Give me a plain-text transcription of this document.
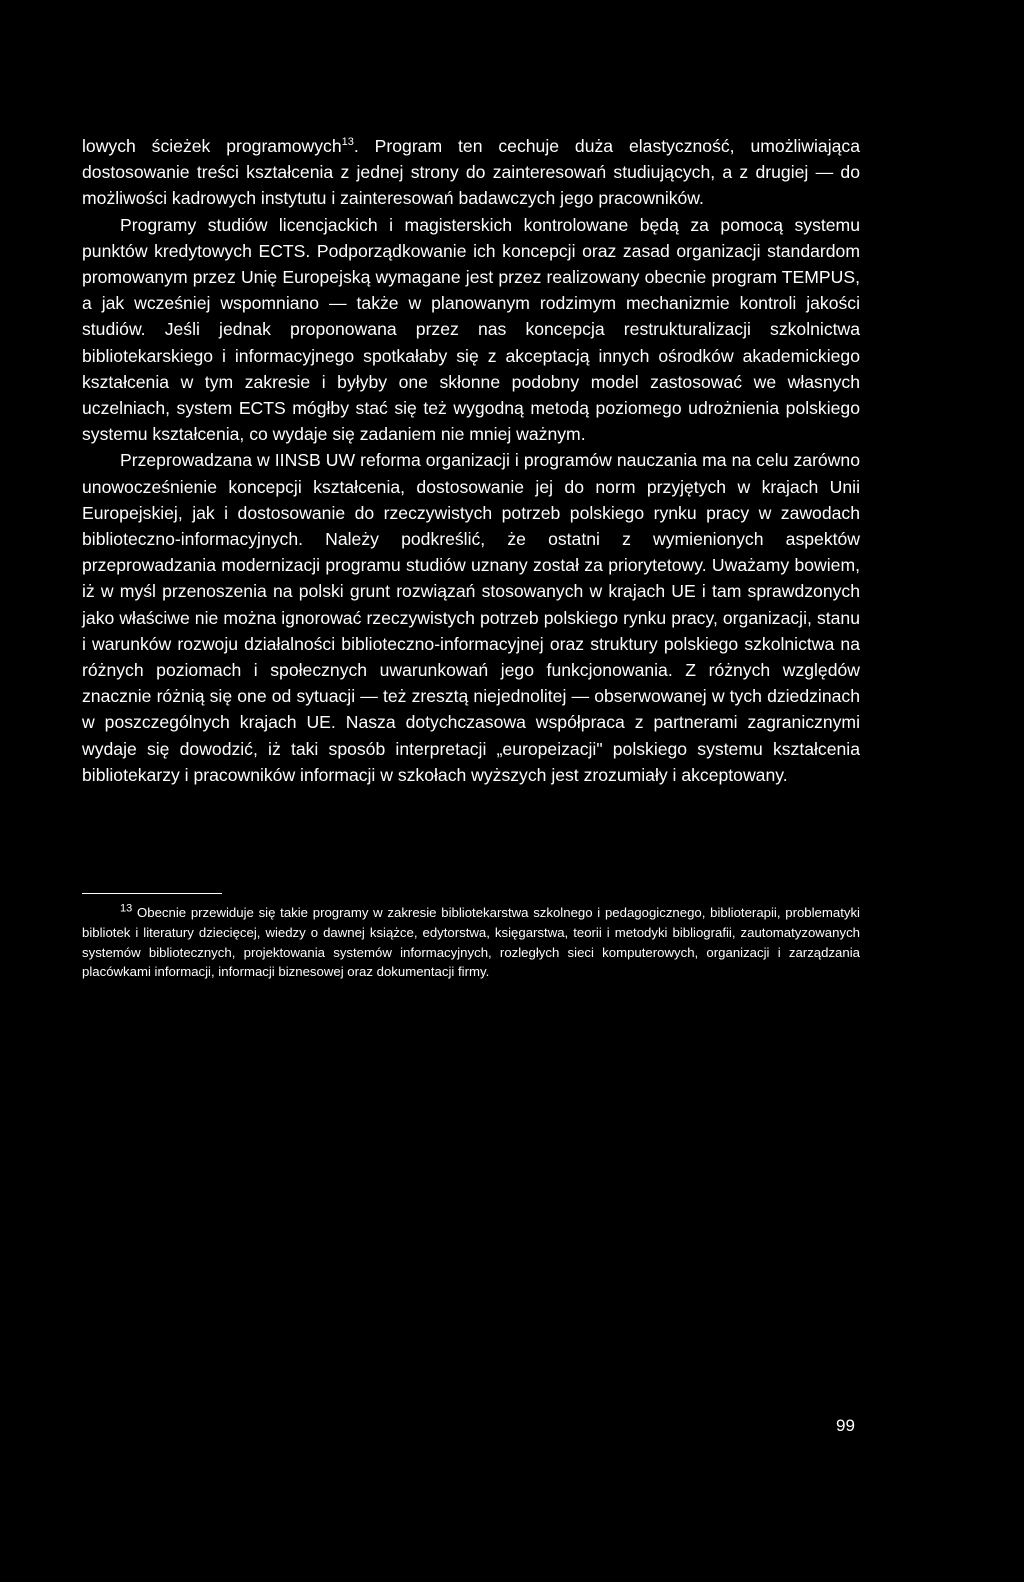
lowych ścieżek programowych$^{13}$. Program ten cechuje duża elastyczność, umożliwiająca dostosowanie treści kształcenia z jednej strony do zainteresowań studiujących, a z drugiej — do możliwości kadrowych instytutu i zainteresowań badawczych jego pracowników.

Programy studiów licencjackich i magisterskich kontrolowane będą za pomocą systemu punktów kredytowych ECTS. Podporządkowanie ich koncepcji oraz zasad organizacji standardom promowanym przez Unię Europejską wymagane jest przez realizowany obecnie program TEMPUS, a jak wcześniej wspomniano — także w planowanym rodzimym mechanizmie kontroli jakości studiów. Jeśli jednak proponowana przez nas koncepcja restrukturalizacji szkolnictwa bibliotekarskiego i informacyjnego spotkałaby się z akceptacją innych ośrodków akademickiego kształcenia w tym zakresie i byłyby one skłonne podobny model zastosować we własnych uczelniach, system ECTS mógłby stać się też wygodną metodą poziomego udrożnienia polskiego systemu kształcenia, co wydaje się zadaniem nie mniej ważnym.

Przeprowadzana w IINSB UW reforma organizacji i programów nauczania ma na celu zarówno unowocześnienie koncepcji kształcenia, dostosowanie jej do norm przyjętych w krajach Unii Europejskiej, jak i dostosowanie do rzeczywistych potrzeb polskiego rynku pracy w zawodach biblioteczno-informacyjnych. Należy podkreślić, że ostatni z wymienionych aspektów przeprowadzania modernizacji programu studiów uznany został za priorytetowy. Uważamy bowiem, iż w myśl przenoszenia na polski grunt rozwiązań stosowanych w krajach UE i tam sprawdzonych jako właściwe nie można ignorować rzeczywistych potrzeb polskiego rynku pracy, organizacji, stanu i warunków rozwoju działalności biblioteczno-informacyjnej oraz struktury polskiego szkolnictwa na różnych poziomach i społecznych uwarunkowań jego funkcjonowania. Z różnych względów znacznie różnią się one od sytuacji — też zresztą niejednolitej — obserwowanej w tych dziedzinach w poszczególnych krajach UE. Nasza dotychczasowa współpraca z partnerami zagranicznymi wydaje się dowodzić, iż taki sposób interpretacji „europeizacji" polskiego systemu kształcenia bibliotekarzy i pracowników informacji w szkołach wyższych jest zrozumiały i akceptowany.

$^{13}$ Obecnie przewiduje się takie programy w zakresie bibliotekarstwa szkolnego i pedagogicznego, biblioterapii, problematyki bibliotek i literatury dziecięcej, wiedzy o dawnej książce, edytorstwa, księgarstwa, teorii i metodyki bibliografii, zautomatyzowanych systemów bibliotecznych, projektowania systemów informacyjnych, rozległych sieci komputerowych, organizacji i zarządzania placówkami informacji, informacji biznesowej oraz dokumentacji firmy.

99
